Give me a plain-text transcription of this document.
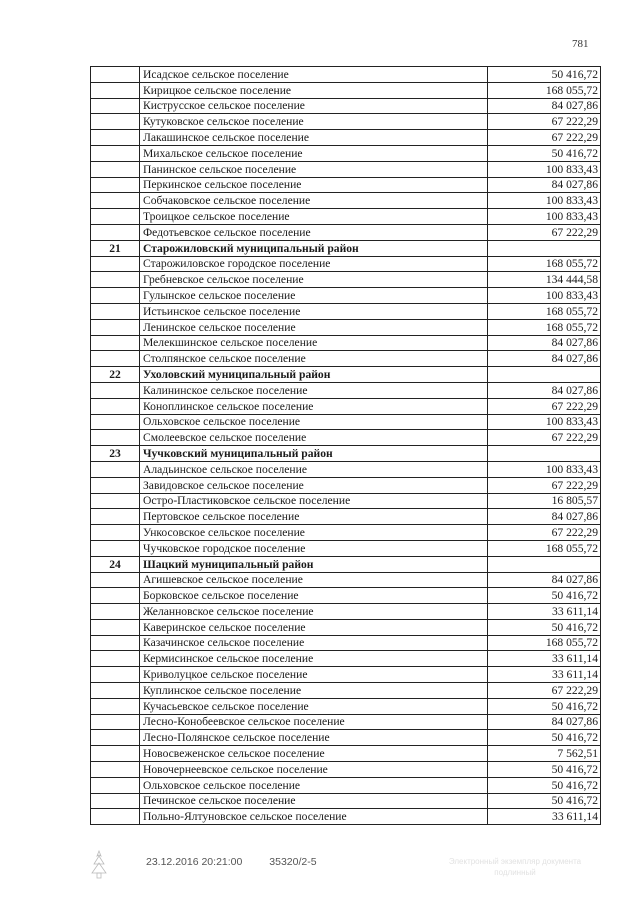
781
	Исадское сельское поселение	50 416,72
	Кирицкое сельское поселение	168 055,72
	Киструсское сельское поселение	84 027,86
	Кутуковское сельское поселение	67 222,29
	Лакашинское сельское поселение	67 222,29
	Михальское сельское поселение	50 416,72
	Панинское сельское поселение	100 833,43
	Перкинское сельское поселение	84 027,86
	Собчаковское сельское поселение	100 833,43
	Троицкое сельское поселение	100 833,43
	Федотьевское сельское поселение	67 222,29
21	Старожиловский муниципальный район	
	Старожиловское городское поселение	168 055,72
	Гребневское сельское поселение	134 444,58
	Гулынское сельское поселение	100 833,43
	Истьинское сельское поселение	168 055,72
	Ленинское сельское поселение	168 055,72
	Мелекшинское сельское поселение	84 027,86
	Столпянское сельское поселение	84 027,86
22	Ухоловский муниципальный район	
	Калининское сельское поселение	84 027,86
	Коноплинское сельское поселение	67 222,29
	Ольховское сельское поселение	100 833,43
	Смолеевское сельское поселение	67 222,29
23	Чучковский муниципальный район	
	Аладьинское сельское поселение	100 833,43
	Завидовское сельское поселение	67 222,29
	Остро-Пластиковское сельское поселение	16 805,57
	Пертовское сельское поселение	84 027,86
	Ункосовское сельское поселение	67 222,29
	Чучковское городское поселение	168 055,72
24	Шацкий муниципальный район	
	Агишевское сельское поселение	84 027,86
	Борковское сельское поселение	50 416,72
	Желанновское сельское поселение	33 611,14
	Каверинское сельское поселение	50 416,72
	Казачинское сельское поселение	168 055,72
	Кермисинское сельское поселение	33 611,14
	Криволуцкое сельское поселение	33 611,14
	Куплинское сельское поселение	67 222,29
	Кучасьевское сельское поселение	50 416,72
	Лесно-Конобеевское сельское поселение	84 027,86
	Лесно-Полянское сельское поселение	50 416,72
	Новосвеженское сельское поселение	7 562,51
	Новочернеевское сельское поселение	50 416,72
	Ольховское сельское поселение	50 416,72
	Печинское сельское поселение	50 416,72
	Польно-Ялтуновское сельское поселение	33 611,14
23.12.2016 20:21:00	35320/2-5	Электронный экземпляр документа
подлинный
